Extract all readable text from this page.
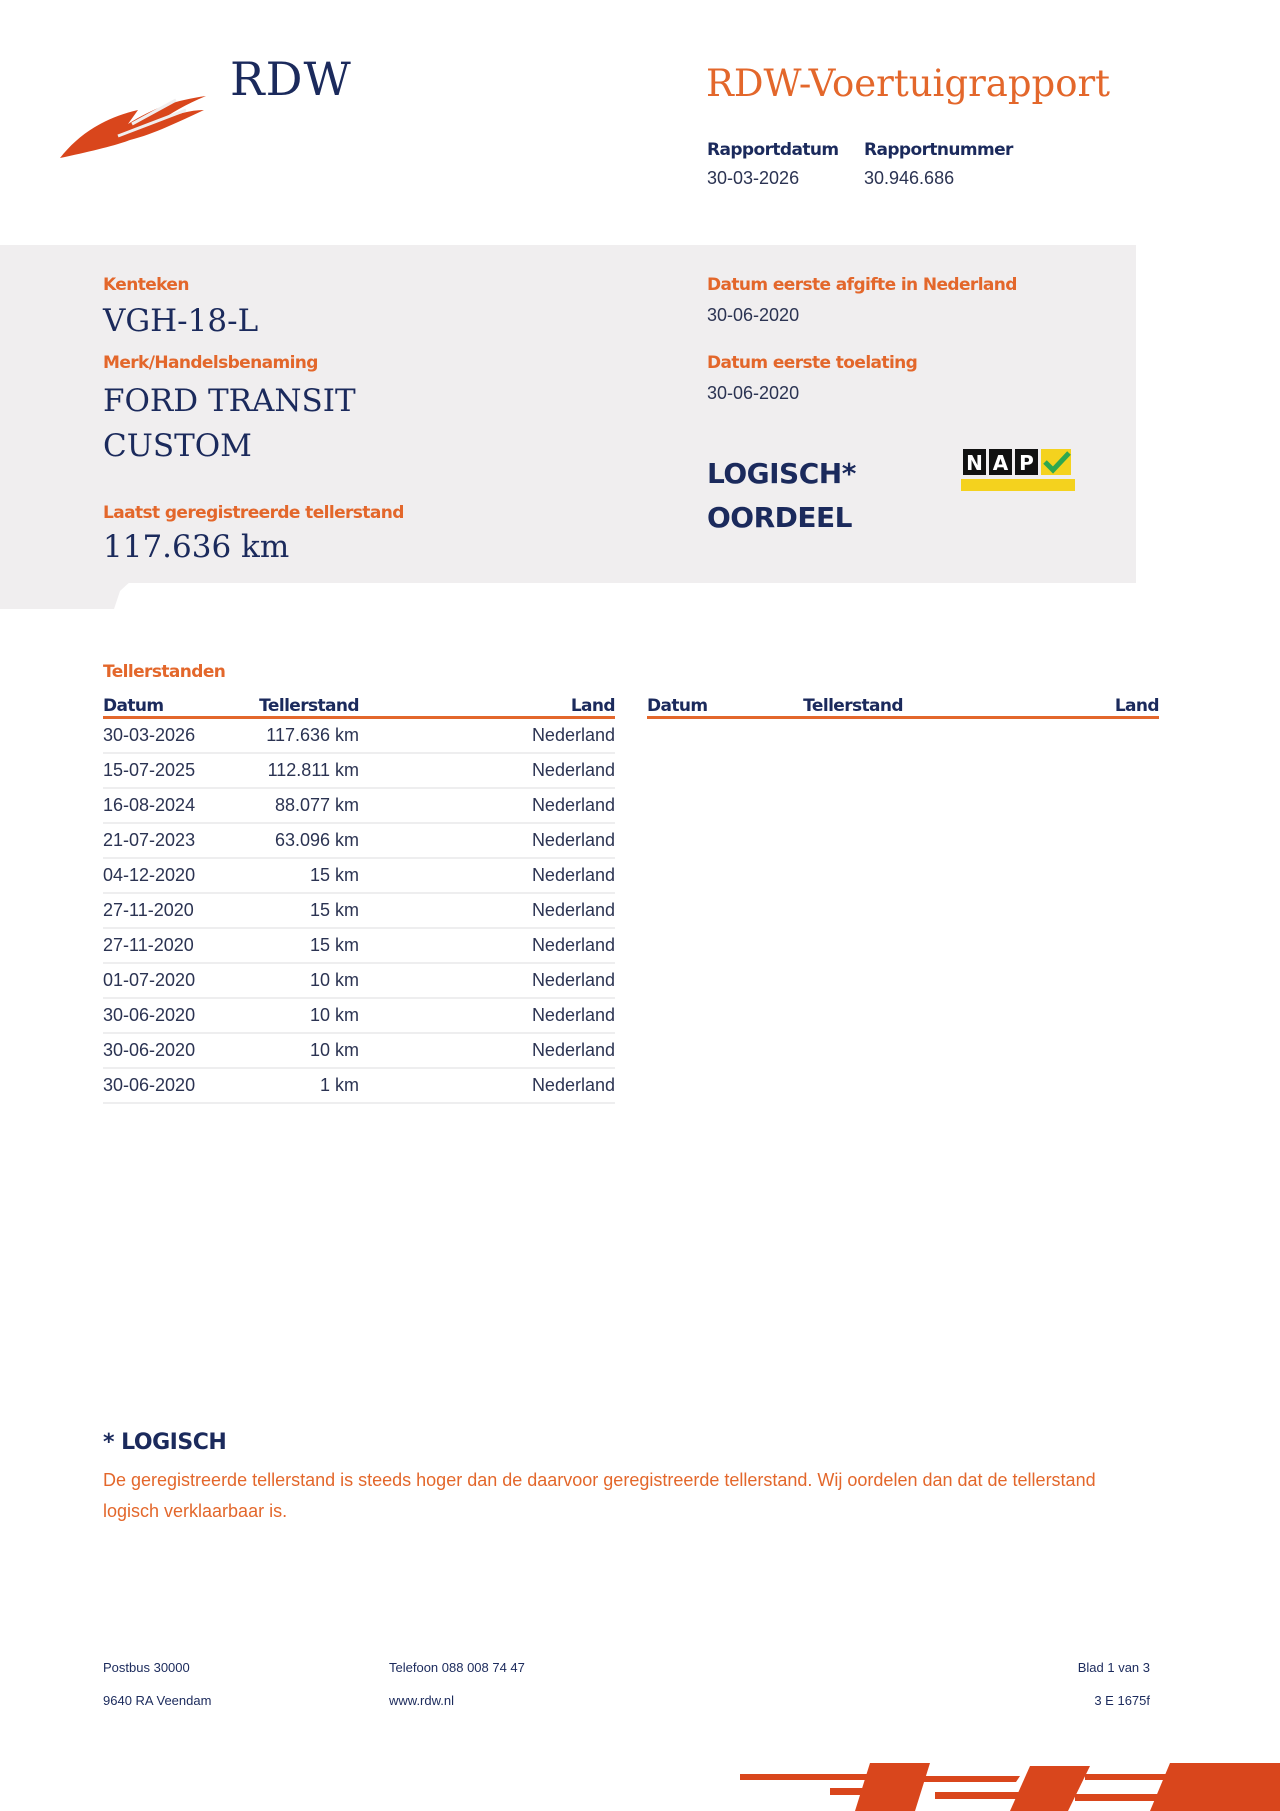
RDW	RDW-Voertuigrapport
Rapportdatum
30-03-2026
Rapportnummer
30.946.686
Kenteken
VGH-18-L
Merk/Handelsbenaming
FORD TRANSIT
CUSTOM
Laatst geregistreerde tellerstand
117.636 km
Datum eerste afgifte in Nederland
30-06-2020
Datum eerste toelating
30-06-2020
LOGISCH*
OORDEEL
N A P
Tellerstanden
Datum	Tellerstand	Land
30-03-2026	117.636 km	Nederland
15-07-2025	112.811 km	Nederland
16-08-2024	88.077 km	Nederland
21-07-2023	63.096 km	Nederland
04-12-2020	15 km	Nederland
27-11-2020	15 km	Nederland
27-11-2020	15 km	Nederland
01-07-2020	10 km	Nederland
30-06-2020	10 km	Nederland
30-06-2020	10 km	Nederland
30-06-2020	1 km	Nederland
Datum	Tellerstand	Land
* LOGISCH
De geregistreerde tellerstand is steeds hoger dan de daarvoor geregistreerde tellerstand. Wij oordelen dan dat de tellerstand logisch verklaarbaar is.
Postbus 30000
9640 RA Veendam
Telefoon 088 008 74 47
www.rdw.nl
Blad 1 van 3
3 E 1675f
